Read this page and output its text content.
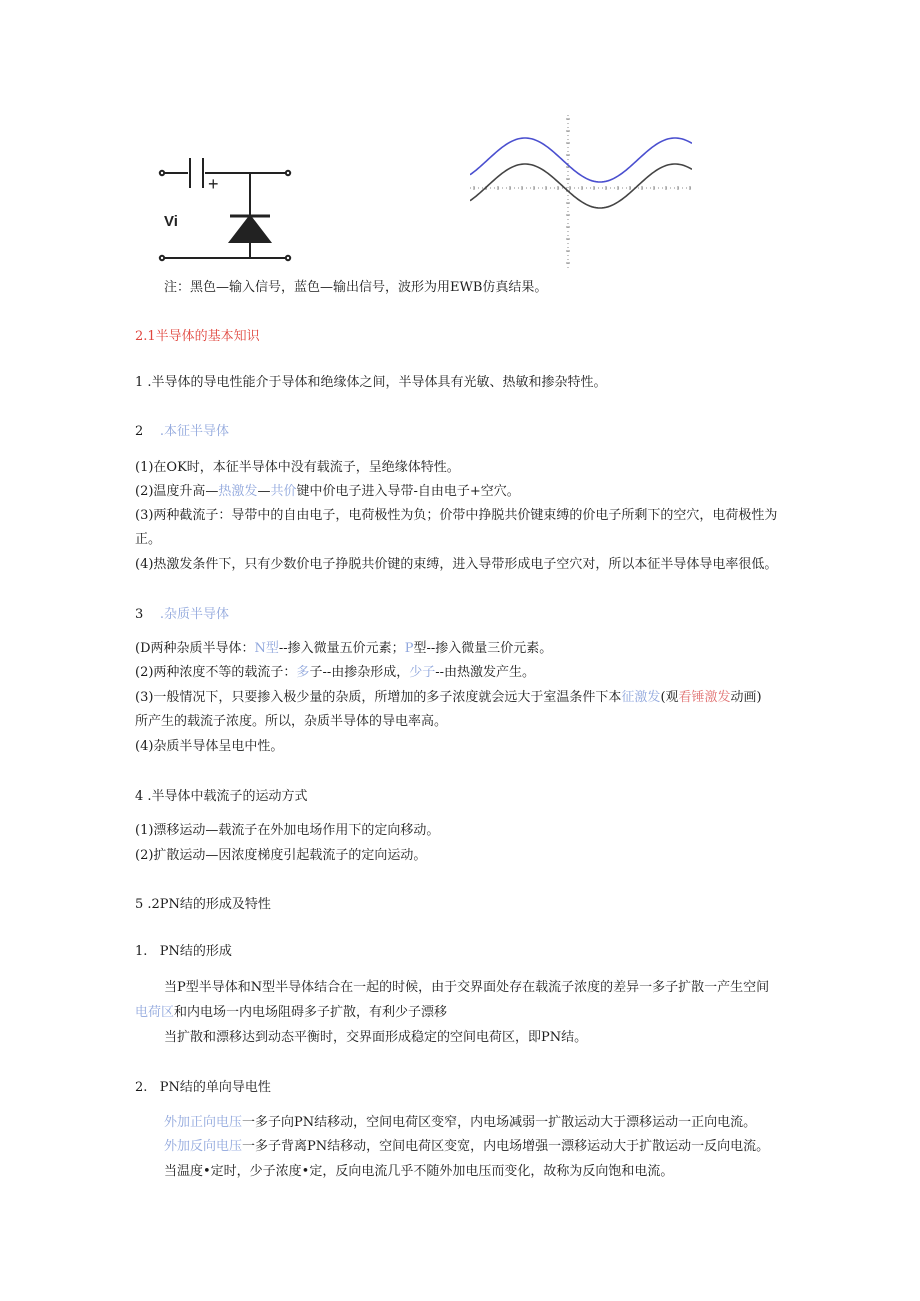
+
Vi
注：黑色—输入信号，蓝色—输出信号，波形为用EWB仿真结果。
2.1半导体的基本知识
1 .半导体的导电性能介于导体和绝缘体之间，半导体具有光敏、热敏和掺杂特性。
2 .本征半导体
(1)在OK时，本征半导体中没有载流子，呈绝缘体特性。
(2)温度升高—热激发—共价键中价电子进入导带-自由电子+空穴。
(3)两种截流子：导带中的自由电子，电荷极性为负；价带中挣脱共价键束缚的价电子所剩下的空穴，电荷极性为
正。
(4)热激发条件下，只有少数价电子挣脱共价键的束缚，进入导带形成电子空穴对，所以本征半导体导电率很低。
3 .杂质半导体
(D两种杂质半导体：N型--掺入微量五价元素；P型--掺入微量三价元素。
(2)两种浓度不等的载流子：多子--由掺杂形成，少子--由热激发产生。
(3)一般情况下，只要掺入极少量的杂质，所增加的多子浓度就会远大于室温条件下本征激发(观看锤激发动画)
所产生的载流子浓度。所以，杂质半导体的导电率高。
(4)杂质半导体呈电中性。
4 .半导体中载流子的运动方式
(1)漂移运动—载流子在外加电场作用下的定向移动。
(2)扩散运动—因浓度梯度引起载流子的定向运动。
5 .2PN结的形成及特性
1.   PN结的形成
当P型半导体和N型半导体结合在一起的时候，由于交界面处存在载流子浓度的差异一多子扩散一产生空间
电荷区和内电场一内电场阻碍多子扩散，有利少子漂移
当扩散和漂移达到动态平衡时，交界面形成稳定的空间电荷区，即PN结。
2.   PN结的单向导电性
外加正向电压一多子向PN结移动，空间电荷区变窄，内电场减弱一扩散运动大于漂移运动一正向电流。
外加反向电压一多子背离PN结移动，空间电荷区变宽，内电场增强一漂移运动大于扩散运动一反向电流。
当温度•定时，少子浓度•定，反向电流几乎不随外加电压而变化，故称为反向饱和电流。
